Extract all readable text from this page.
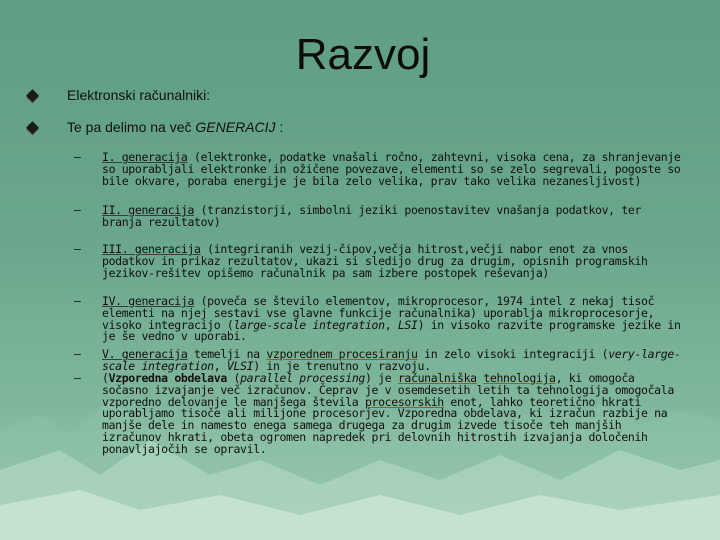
Razvoj
Elektronski računalniki:
Te pa delimo na več GENERACIJ :
– I. generacija (elektronke, podatke vnašali ročno, zahtevni, visoka cena, za shranjevanje so uporabljali elektronke in ožičene povezave, elementi so se zelo segrevali, pogoste so bile okvare, poraba energije je bila zelo velika, prav tako velika nezanesljivost)
– II. generacija (tranzistorji, simbolni jeziki poenostavitev vnašanja podatkov, ter branja rezultatov)
– III. generacija (integriranih vezij-čipov,večja hitrost,večji nabor enot za vnos podatkov in prikaz rezultatov, ukazi si sledijo drug za drugim, opisnih programskih jezikov-rešitev opišemo računalnik pa sam izbere postopek reševanja)
– IV. generacija (poveča se število elementov, mikroprocesor, 1974 intel z nekaj tisoč elementi na njej sestavi vse glavne funkcije računalnika) uporablja mikroprocesorje, visoko integracijo (large-scale integration, LSI) in visoko razvite programske jezike in je še vedno v uporabi.
– V. generacija temelji na vzporednem procesiranju in zelo visoki integraciji (very-large-scale integration, VLSI) in je trenutno v razvoju.
– (Vzporedna obdelava (parallel processing) je računalniška tehnologija, ki omogoča sočasno izvajanje več izračunov. Čeprav je v osemdesetih letih ta tehnologija omogočala vzporedno delovanje le manjšega števila procesorskih enot, lahko teoretično hkrati uporabljamo tisoče ali milijone procesorjev. Vzporedna obdelava, ki izračun razbije na manjše dele in namesto enega samega drugega za drugim izvede tisoče teh manjših izračunov hkrati, obeta ogromen napredek pri delovnih hitrostih izvajanja določenih ponavljajočih se opravil.
